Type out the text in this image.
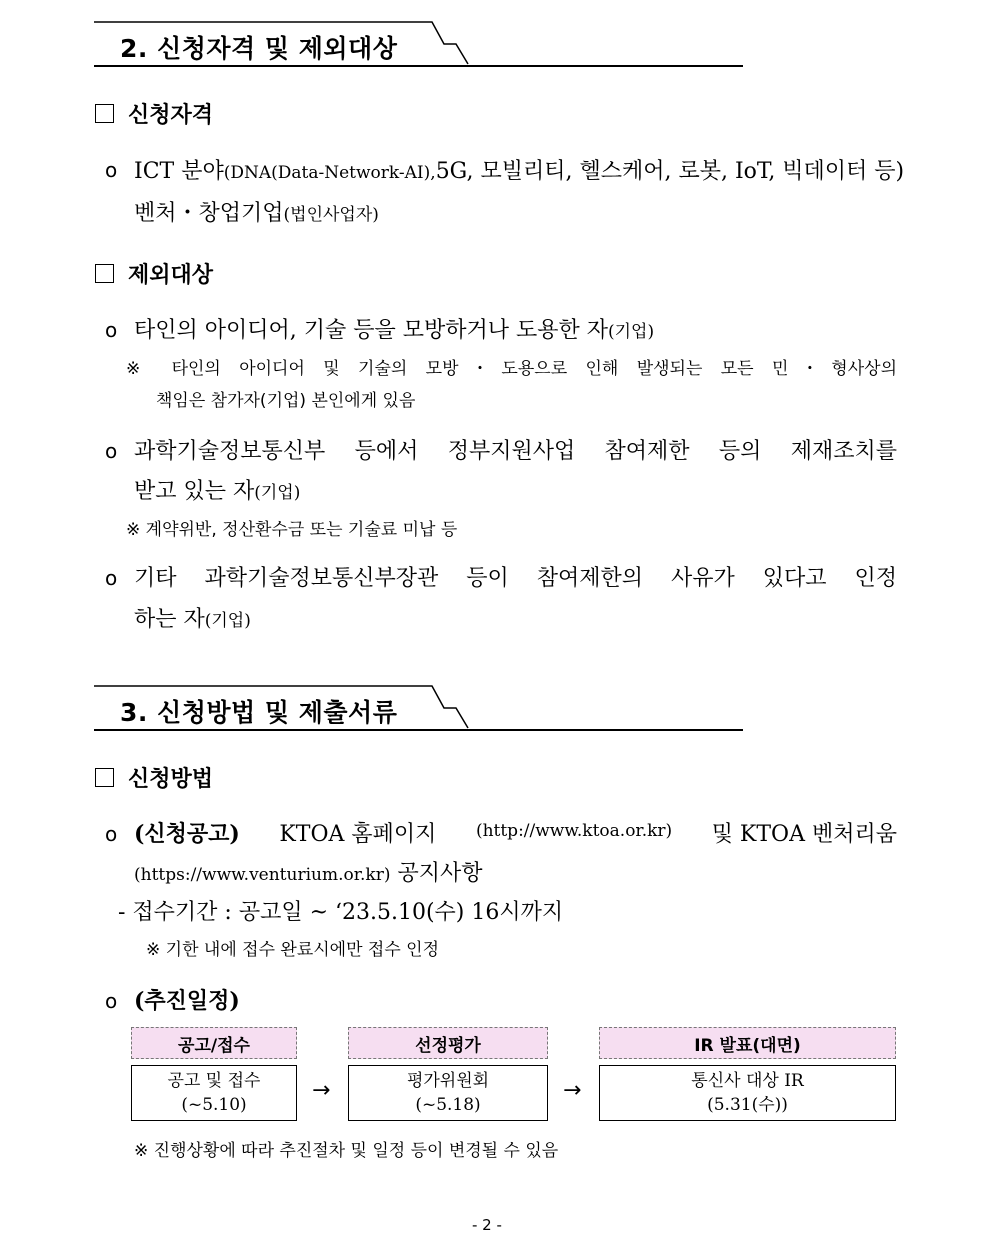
2. 신청자격 및 제외대상
신청자격
o ICT 분야(DNA(Data-Network-AI), 5G, 모빌리티, 헬스케어, 로봇, IoT, 빅데이터 등)
벤처・창업기업(법인사업자)
제외대상
o 타인의 아이디어, 기술 등을 모방하거나 도용한 자(기업)
※ 타인의 아이디어 및 기술의 모방・도용으로 인해 발생되는 모든 민・형사상의
책임은 참가자(기업) 본인에게 있음
o 과학기술정보통신부 등에서 정부지원사업 참여제한 등의 제재조치를
받고 있는 자(기업)
※ 계약위반, 정산환수금 또는 기술료 미납 등
o 기타 과학기술정보통신부장관 등이 참여제한의 사유가 있다고 인정
하는 자(기업)
3. 신청방법 및 제출서류
신청방법
o (신청공고) KTOA 홈페이지 (http://www.ktoa.or.kr) 및 KTOA 벤처리움
(https://www.venturium.or.kr) 공지사항
- 접수기간 : 공고일 ~ ‘23.5.10(수) 16시까지
※ 기한 내에 접수 완료시에만 접수 인정
o (추진일정)
공고/접수
공고 및 접수
(~5.10)
→
선정평가
평가위원회
(~5.18)
→
IR 발표(대면)
통신사 대상 IR
(5.31(수))
※ 진행상황에 따라 추진절차 및 일정 등이 변경될 수 있음
- 2 -
